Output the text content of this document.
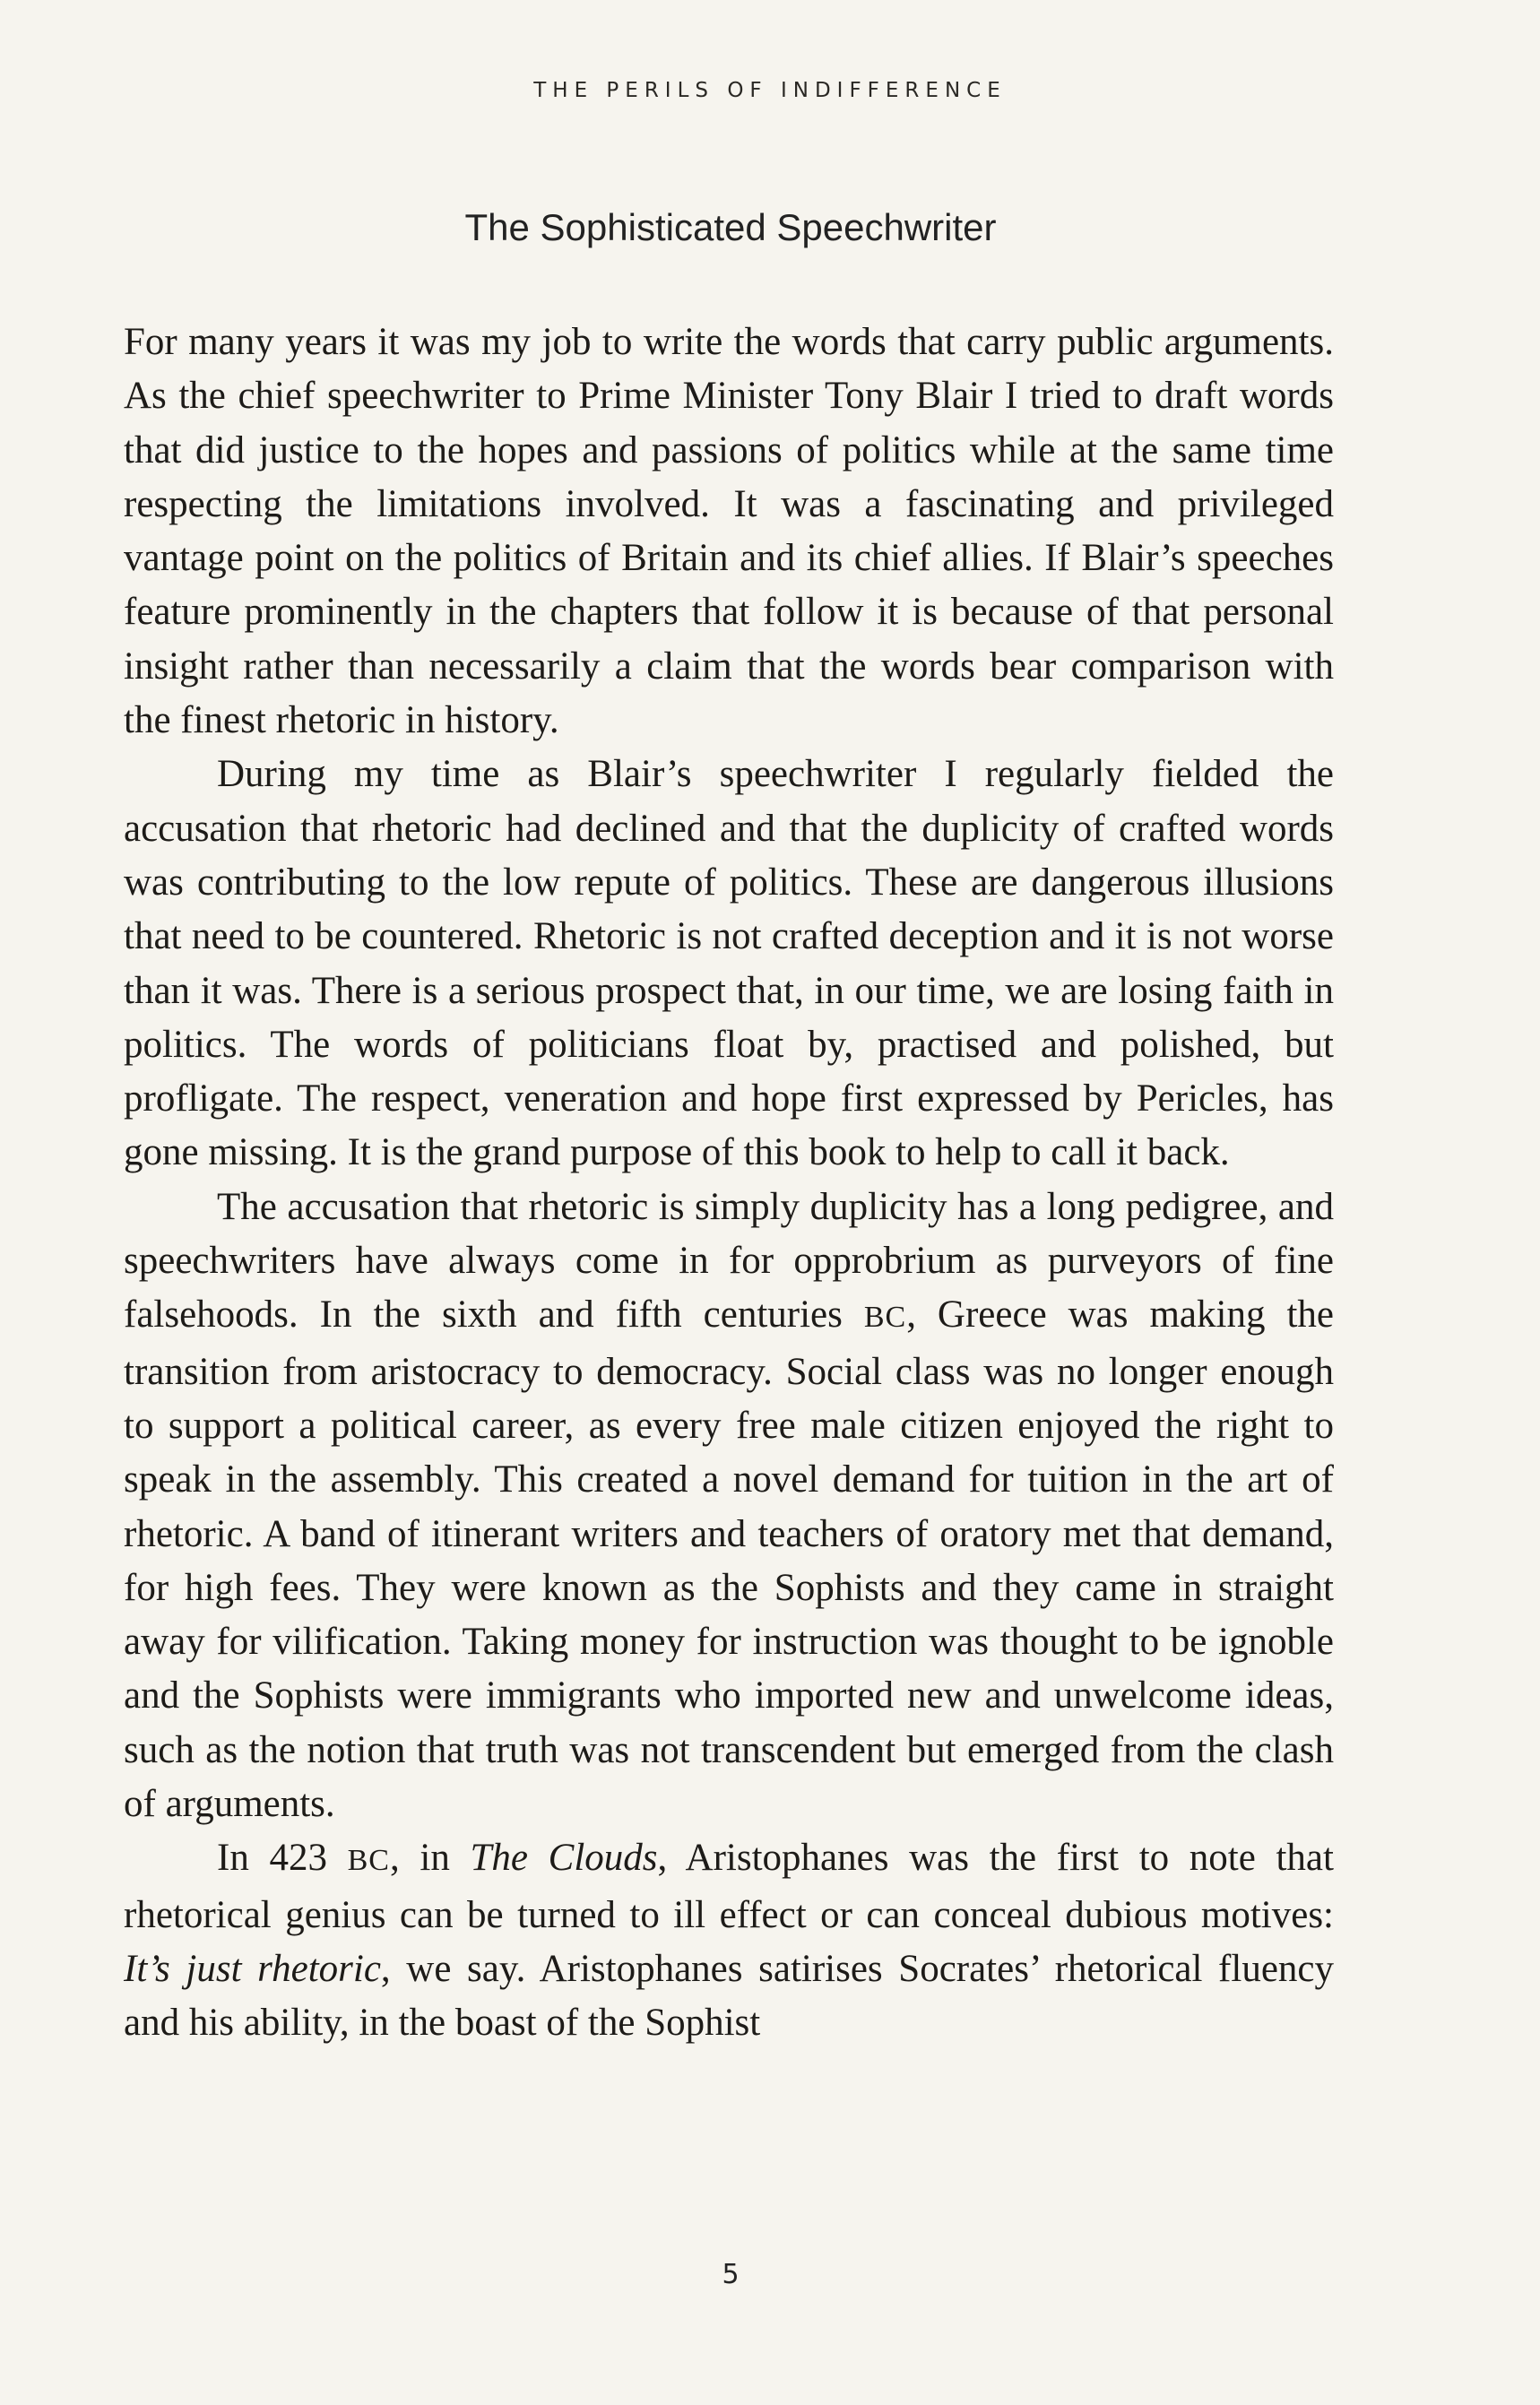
THE PERILS OF INDIFFERENCE
The Sophisticated Speechwriter

For many years it was my job to write the words that carry public arguments. As the chief speechwriter to Prime Minister Tony Blair I tried to draft words that did justice to the hopes and passions of politics while at the same time respecting the limitations involved. It was a fascinating and privileged vantage point on the politics of Britain and its chief allies. If Blair’s speeches feature prominently in the chapters that follow it is because of that personal insight rather than necessarily a claim that the words bear comparison with the finest rhetoric in history.

During my time as Blair’s speechwriter I regularly fielded the accusation that rhetoric had declined and that the duplicity of crafted words was contributing to the low repute of politics. These are dangerous illusions that need to be countered. Rhetoric is not crafted deception and it is not worse than it was. There is a serious prospect that, in our time, we are losing faith in politics. The words of politicians float by, practised and polished, but profligate. The respect, veneration and hope first expressed by Pericles, has gone missing. It is the grand purpose of this book to help to call it back.

The accusation that rhetoric is simply duplicity has a long pedigree, and speechwriters have always come in for opprobrium as purveyors of fine falsehoods. In the sixth and fifth centuries BC, Greece was making the transition from aristocracy to democracy. Social class was no longer enough to support a political career, as every free male citizen enjoyed the right to speak in the assembly. This created a novel demand for tuition in the art of rhetoric. A band of itinerant writers and teachers of oratory met that demand, for high fees. They were known as the Sophists and they came in straight away for vilification. Taking money for instruction was thought to be ignoble and the Sophists were immigrants who imported new and unwelcome ideas, such as the notion that truth was not transcendent but emerged from the clash of arguments.

In 423 BC, in The Clouds, Aristophanes was the first to note that rhetorical genius can be turned to ill effect or can conceal dubious motives: It’s just rhetoric, we say. Aristophanes satirises Socrates’ rhetorical fluency and his ability, in the boast of the Sophist

5
